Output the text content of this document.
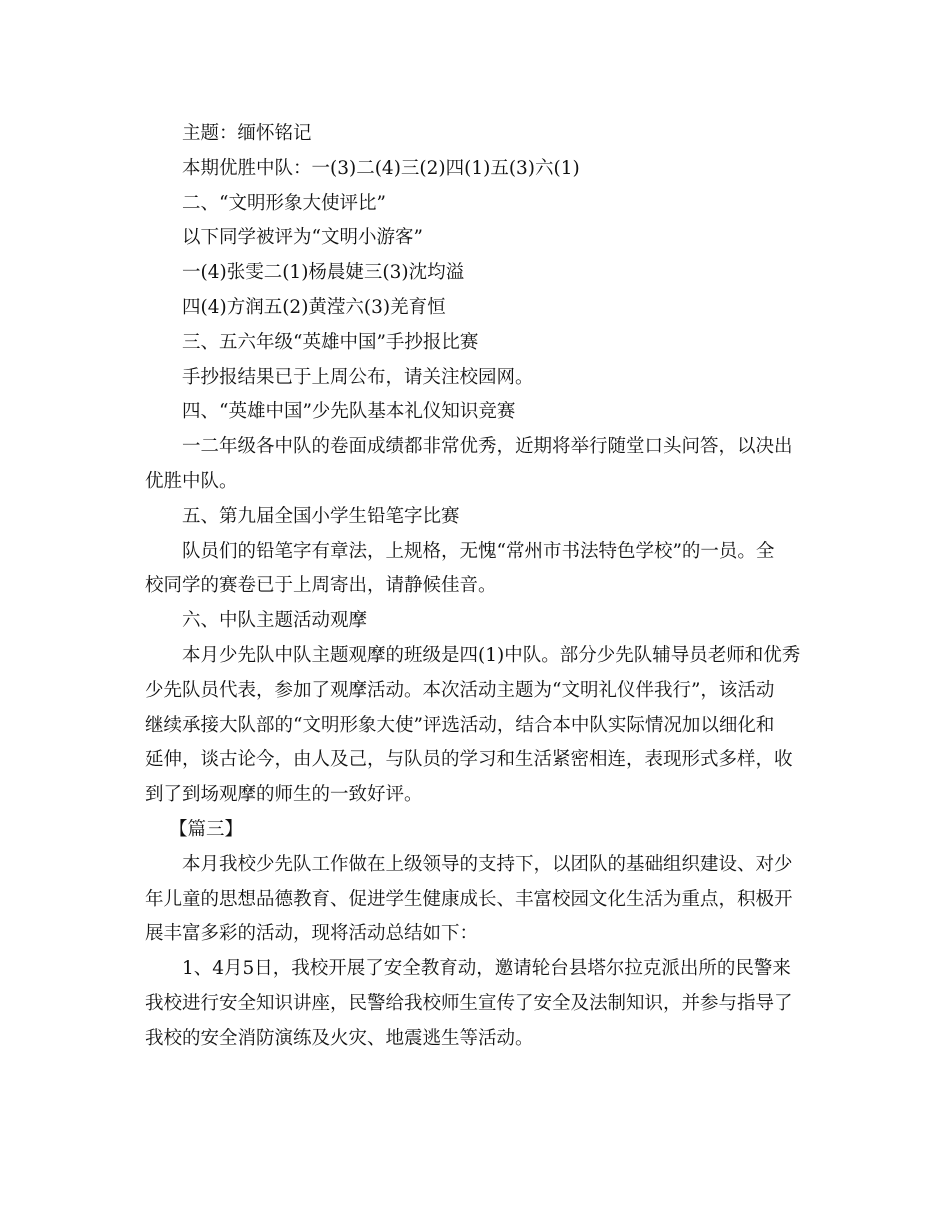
主题：缅怀铭记
本期优胜中队：一(3)二(4)三(2)四(1)五(3)六(1)
二、“文明形象大使评比”
以下同学被评为“文明小游客”
一(4)张雯二(1)杨晨婕三(3)沈均溢
四(4)方润五(2)黄滢六(3)羌育恒
三、五六年级“英雄中国”手抄报比赛
手抄报结果已于上周公布，请关注校园网。
四、“英雄中国”少先队基本礼仪知识竞赛
一二年级各中队的卷面成绩都非常优秀，近期将举行随堂口头问答，以决出
优胜中队。
五、第九届全国小学生铅笔字比赛
队员们的铅笔字有章法，上规格，无愧“常州市书法特色学校”的一员。全
校同学的赛卷已于上周寄出，请静候佳音。
六、中队主题活动观摩
本月少先队中队主题观摩的班级是四(1)中队。部分少先队辅导员老师和优秀
少先队员代表，参加了观摩活动。本次活动主题为“文明礼仪伴我行”，该活动
继续承接大队部的“文明形象大使”评选活动，结合本中队实际情况加以细化和
延伸，谈古论今，由人及己，与队员的学习和生活紧密相连，表现形式多样，收
到了到场观摩的师生的一致好评。
【篇三】
本月我校少先队工作做在上级领导的支持下，以团队的基础组织建设、对少
年儿童的思想品德教育、促进学生健康成长、丰富校园文化生活为重点，积极开
展丰富多彩的活动，现将活动总结如下：
1、4月5日，我校开展了安全教育动，邀请轮台县塔尔拉克派出所的民警来
我校进行安全知识讲座，民警给我校师生宣传了安全及法制知识，并参与指导了
我校的安全消防演练及火灾、地震逃生等活动。
